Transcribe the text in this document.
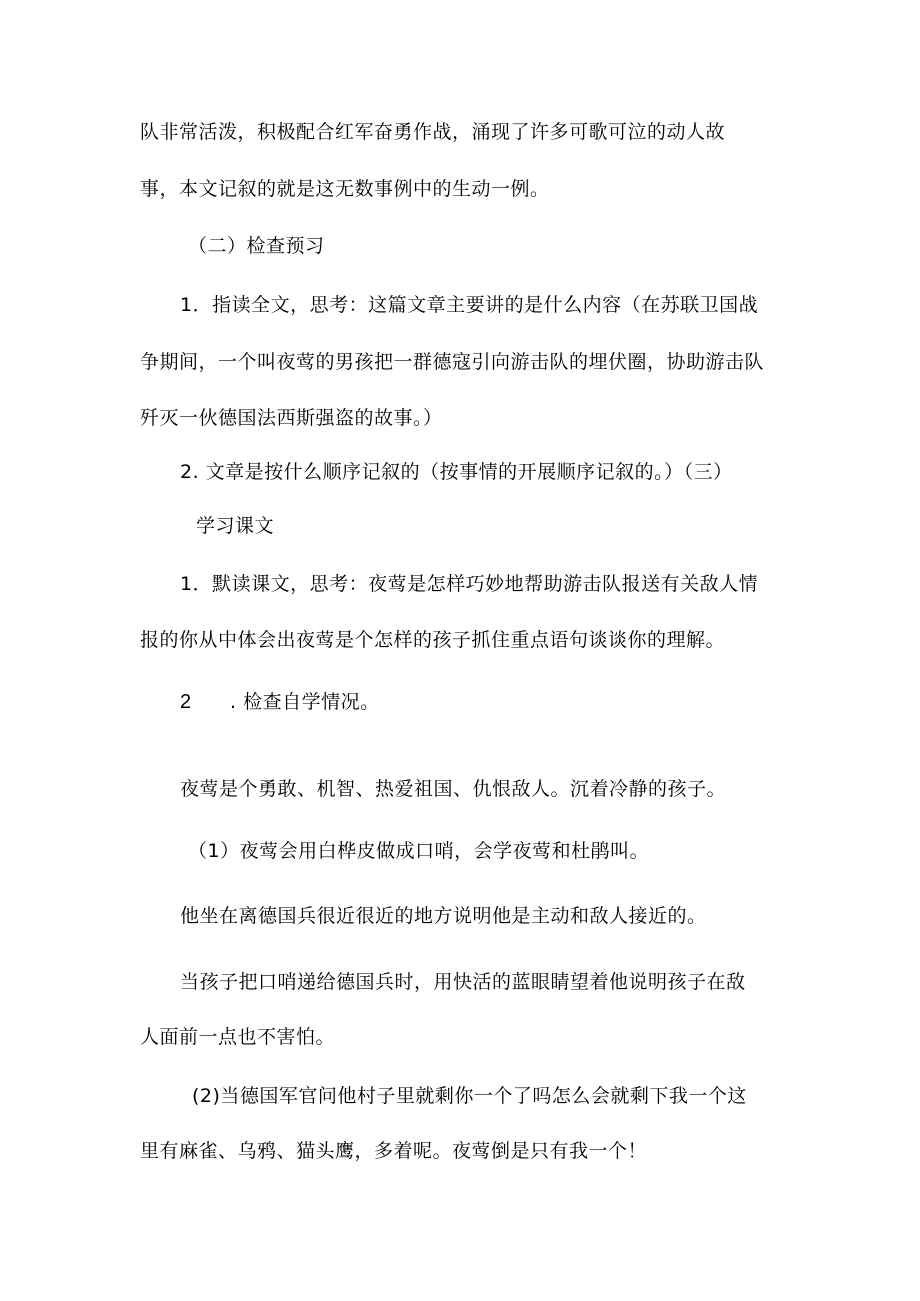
队非常活泼，积极配合红军奋勇作战，涌现了许多可歌可泣的动人故
事，本文记叙的就是这无数事例中的生动一例。
（二）检查预习
1．指读全文，思考：这篇文章主要讲的是什么内容（在苏联卫国战
争期间，一个叫夜莺的男孩把一群德寇引向游击队的埋伏圈，协助游击队
歼灭一伙德国法西斯强盗的故事。）
2. 文章是按什么顺序记叙的（按事情的开展顺序记叙的。）（三）
学习课文
1．默读课文，思考：夜莺是怎样巧妙地帮助游击队报送有关敌人情
报的你从中体会出夜莺是个怎样的孩子抓住重点语句谈谈你的理解。
2 . 检查自学情况。
夜莺是个勇敢、机智、热爱祖国、仇恨敌人。沉着冷静的孩子。
（1）夜莺会用白桦皮做成口哨，会学夜莺和杜鹃叫。
他坐在离德国兵很近很近的地方说明他是主动和敌人接近的。
当孩子把口哨递给德国兵时，用快活的蓝眼睛望着他说明孩子在敌
人面前一点也不害怕。
(2)当德国军官问他村子里就剩你一个了吗怎么会就剩下我一个这
里有麻雀、乌鸦、猫头鹰，多着呢。夜莺倒是只有我一个！
